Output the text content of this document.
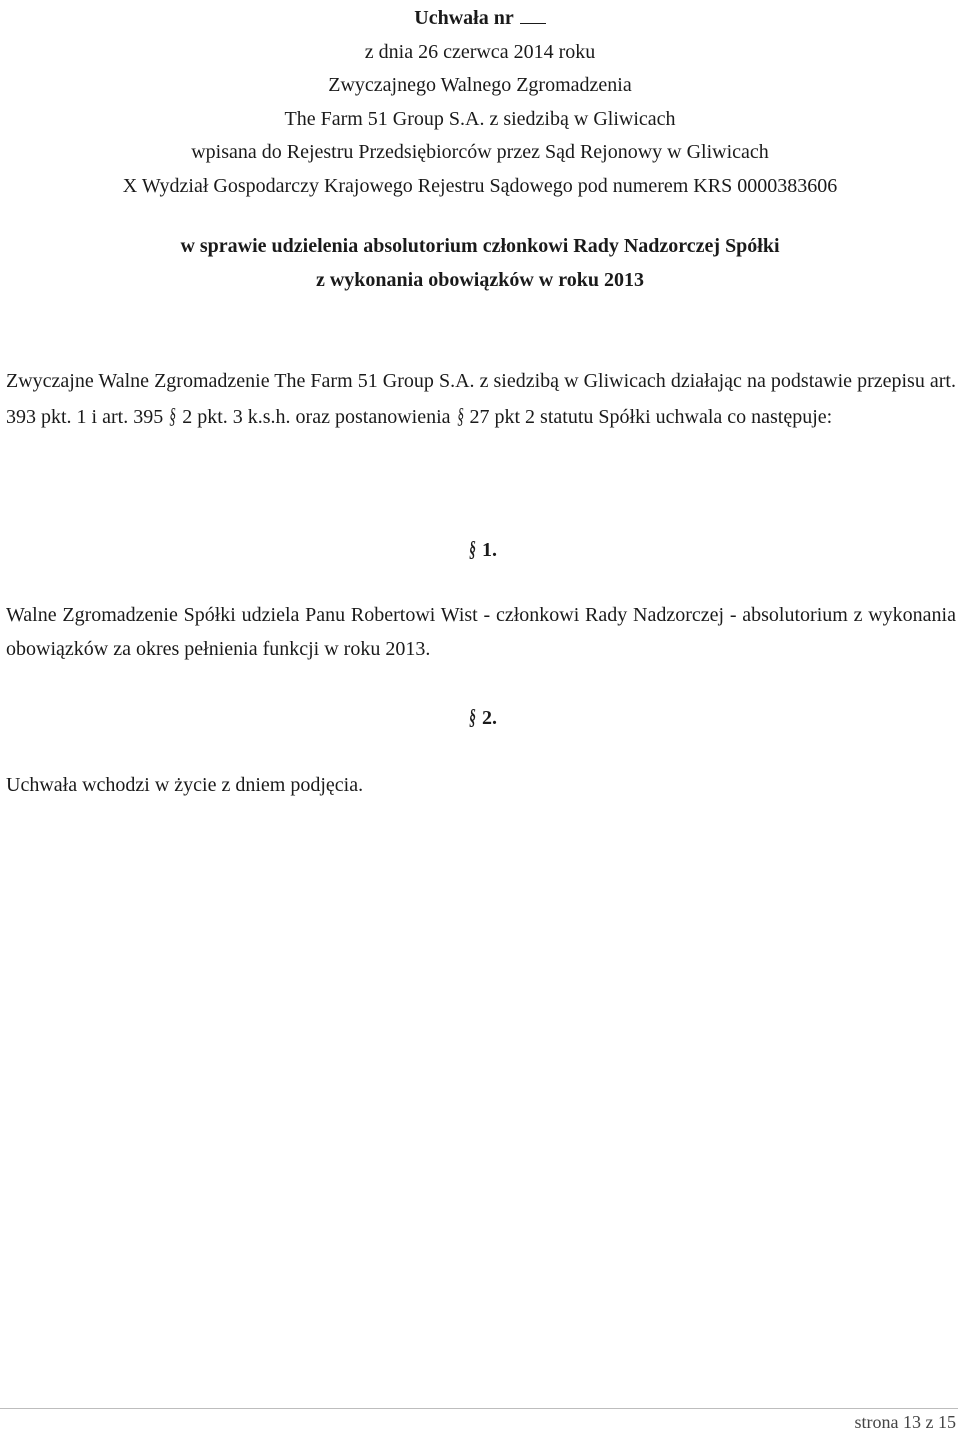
Uchwała nr
z dnia 26 czerwca 2014 roku
Zwyczajnego Walnego Zgromadzenia
The Farm 51 Group S.A. z siedzibą w Gliwicach
wpisana do Rejestru Przedsiębiorców przez Sąd Rejonowy w Gliwicach
X Wydział Gospodarczy Krajowego Rejestru Sądowego pod numerem KRS 0000383606
w sprawie udzielenia absolutorium członkowi Rady Nadzorczej Spółki
z wykonania obowiązków w roku 2013
Zwyczajne Walne Zgromadzenie The Farm 51 Group S.A. z siedzibą w Gliwicach działając na podstawie przepisu art. 393 pkt. 1 i art. 395 § 2 pkt. 3 k.s.h. oraz postanowienia § 27 pkt 2 statutu Spółki uchwala co następuje:
§ 1.
Walne Zgromadzenie Spółki udziela Panu Robertowi Wist - członkowi Rady Nadzorczej - absolutorium z wykonania obowiązków za okres pełnienia funkcji w roku 2013.
§ 2.
Uchwała wchodzi w życie z dniem podjęcia.
strona 13 z 15
